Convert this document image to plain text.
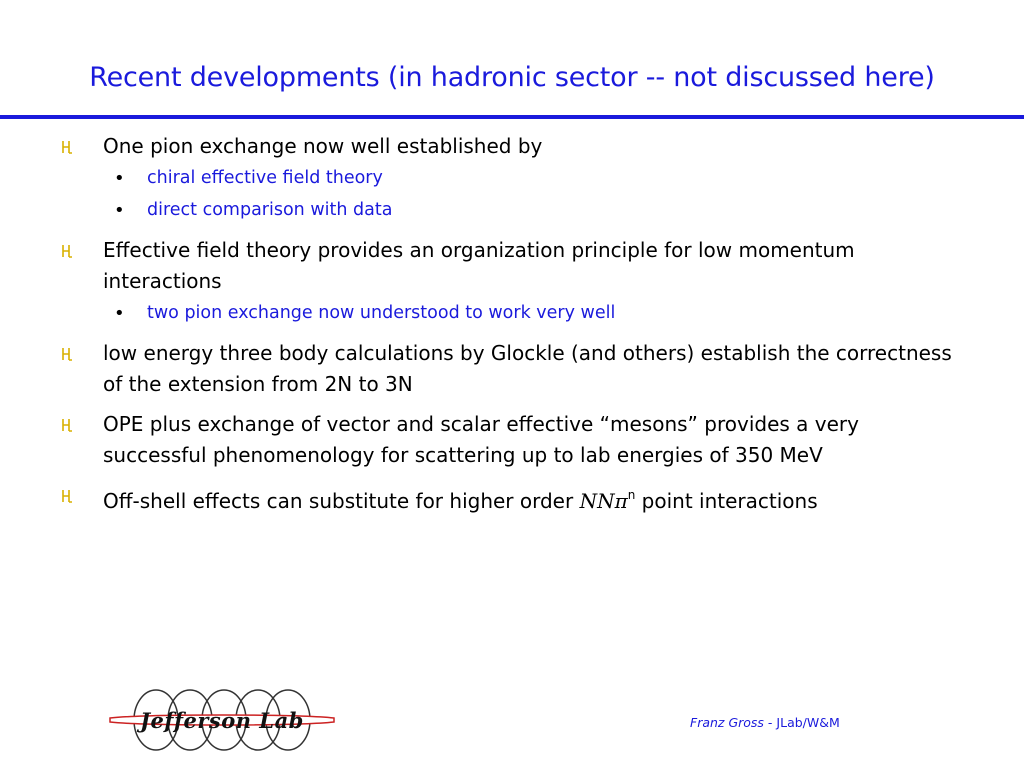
Recent developments (in hadronic sector -- not discussed here)
One pion exchange now well established by
• chiral effective field theory
• direct comparison with data
Effective field theory provides an organization principle for low momentum interactions
• two pion exchange now understood to work very well
low energy three body calculations by Glockle (and others) establish the correctness of the extension from 2N to 3N
OPE plus exchange of vector and scalar effective “mesons” provides a very successful phenomenology for scattering up to lab energies of 350 MeV
Off-shell effects can substitute for higher order NNπ$^n$ point interactions
Jefferson Lab	Franz Gross - JLab/W&M
